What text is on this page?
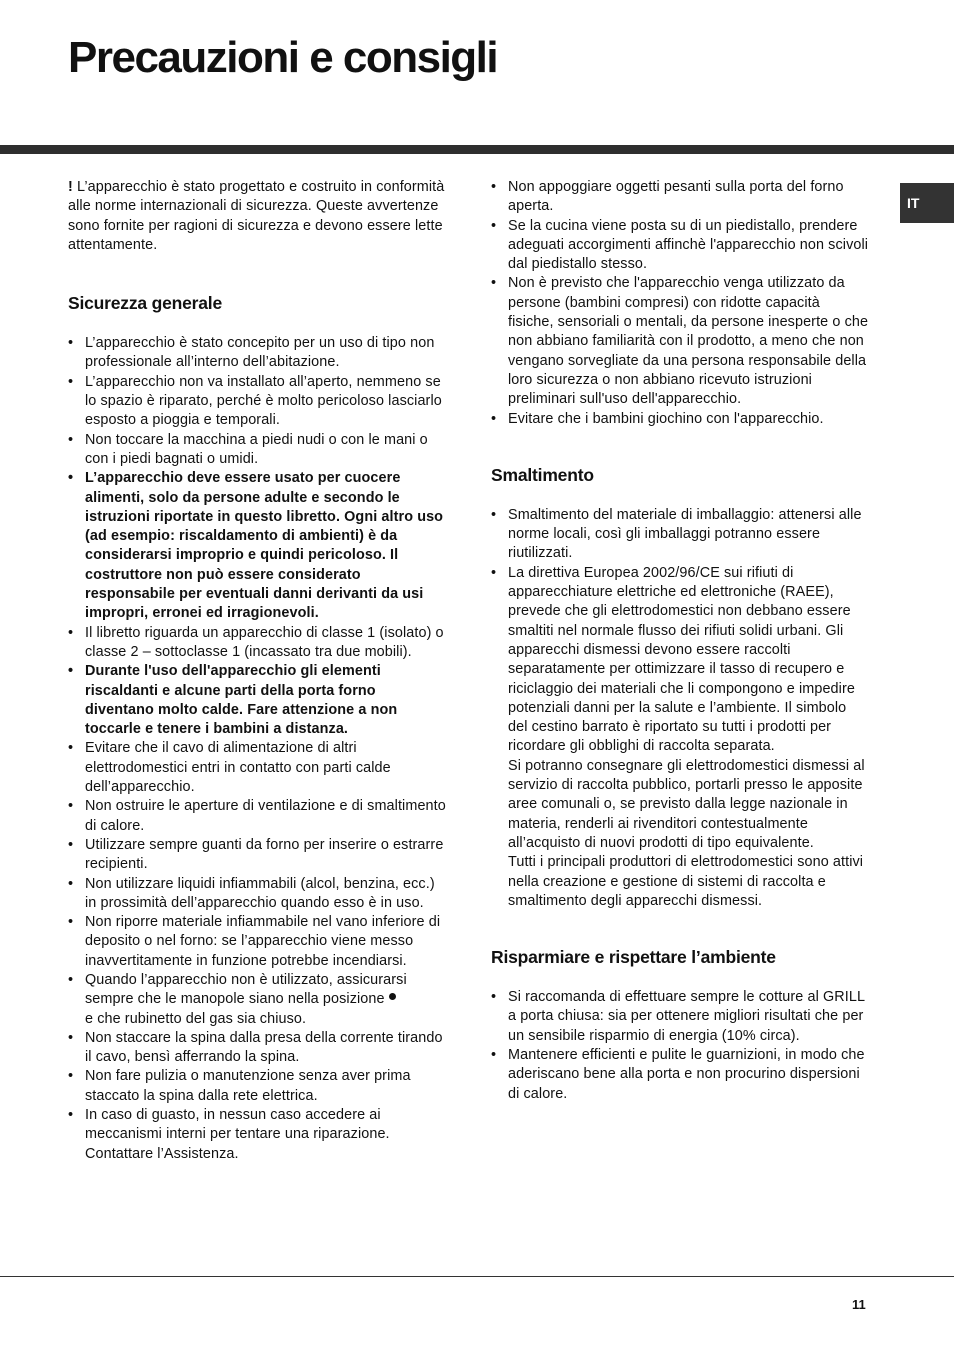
Precauzioni e consigli
IT

! L’apparecchio è stato progettato e costruito in conformità alle norme internazionali di sicurezza. Queste avvertenze sono fornite per ragioni di sicurezza e devono essere lette attentamente.

Sicurezza generale
• L’apparecchio è stato concepito per un uso di tipo non professionale all’interno dell’abitazione.
• L’apparecchio non va installato all’aperto, nemmeno se lo spazio è riparato, perché è molto pericoloso lasciarlo esposto a pioggia e temporali.
• Non toccare la macchina a piedi nudi o con le mani o con i piedi bagnati o umidi.
• L’apparecchio deve essere usato per cuocere alimenti, solo da persone adulte e secondo le istruzioni riportate in questo libretto. Ogni altro uso (ad esempio: riscaldamento di ambienti) è da considerarsi improprio e quindi pericoloso. Il costruttore non può essere considerato responsabile per eventuali danni derivanti da usi impropri, erronei ed irragionevoli.
• Il libretto riguarda un apparecchio di classe 1 (isolato) o classe 2 – sottoclasse 1 (incassato tra due mobili).
• Durante l'uso dell'apparecchio gli elementi riscaldanti e alcune parti della porta forno diventano molto calde. Fare attenzione a non toccarle e tenere i bambini a distanza.
• Evitare che il cavo di alimentazione di altri elettrodomestici entri in contatto con parti calde dell’apparecchio.
• Non ostruire le aperture di ventilazione e di smaltimento di calore.
• Utilizzare sempre guanti da forno per inserire o estrarre recipienti.
• Non utilizzare liquidi infiammabili (alcol, benzina, ecc.) in prossimità dell’apparecchio quando esso è in uso.
• Non riporre materiale infiammabile nel vano inferiore di deposito o nel forno: se l’apparecchio viene messo inavvertitamente in funzione potrebbe incendiarsi.
• Quando l’apparecchio non è utilizzato, assicurarsi sempre che le manopole siano nella posizione
e che rubinetto del gas sia chiuso.
• Non staccare la spina dalla presa della corrente tirando il cavo, bensì afferrando la spina.
• Non fare pulizia o manutenzione senza aver prima staccato la spina dalla rete elettrica.
• In caso di guasto, in nessun caso accedere ai meccanismi interni per tentare una riparazione. Contattare l’Assistenza.
• Non appoggiare oggetti pesanti sulla porta del forno aperta.
• Se la cucina viene posta su di un piedistallo, prendere adeguati accorgimenti affinchè l'apparecchio non scivoli dal piedistallo stesso.
• Non è previsto che l'apparecchio venga utilizzato da persone (bambini compresi) con ridotte capacità fisiche, sensoriali o mentali, da persone inesperte o che non abbiano familiarità con il prodotto, a meno che non vengano sorvegliate da una persona responsabile della loro sicurezza o non abbiano ricevuto istruzioni preliminari sull'uso dell'apparecchio.
• Evitare che i bambini giochino con l'apparecchio.
Smaltimento
• Smaltimento del materiale di imballaggio: attenersi alle norme locali, così gli imballaggi potranno essere riutilizzati.
• La direttiva Europea 2002/96/CE sui rifiuti di apparecchiature elettriche ed elettroniche (RAEE), prevede che gli elettrodomestici non debbano essere smaltiti nel normale flusso dei rifiuti solidi urbani. Gli apparecchi dismessi devono essere raccolti separatamente per ottimizzare il tasso di recupero e riciclaggio dei materiali che li compongono e impedire potenziali danni per la salute e l’ambiente. Il simbolo del cestino barrato è riportato su tutti i prodotti per ricordare gli obblighi di raccolta separata.
Si potranno consegnare gli elettrodomestici dismessi al servizio di raccolta pubblico, portarli presso le apposite aree comunali o, se previsto dalla legge nazionale in materia, renderli ai rivenditori contestualmente all’acquisto di nuovi prodotti di tipo equivalente.
Tutti i principali produttori di elettrodomestici sono attivi nella creazione e gestione di sistemi di raccolta e smaltimento degli apparecchi dismessi.
Risparmiare e rispettare l’ambiente
• Si raccomanda di effettuare sempre le cotture al GRILL a porta chiusa: sia per ottenere migliori risultati che per un sensibile risparmio di energia (10% circa).
• Mantenere efficienti e pulite le guarnizioni, in modo che aderiscano bene alla porta e non procurino dispersioni di calore.
11
